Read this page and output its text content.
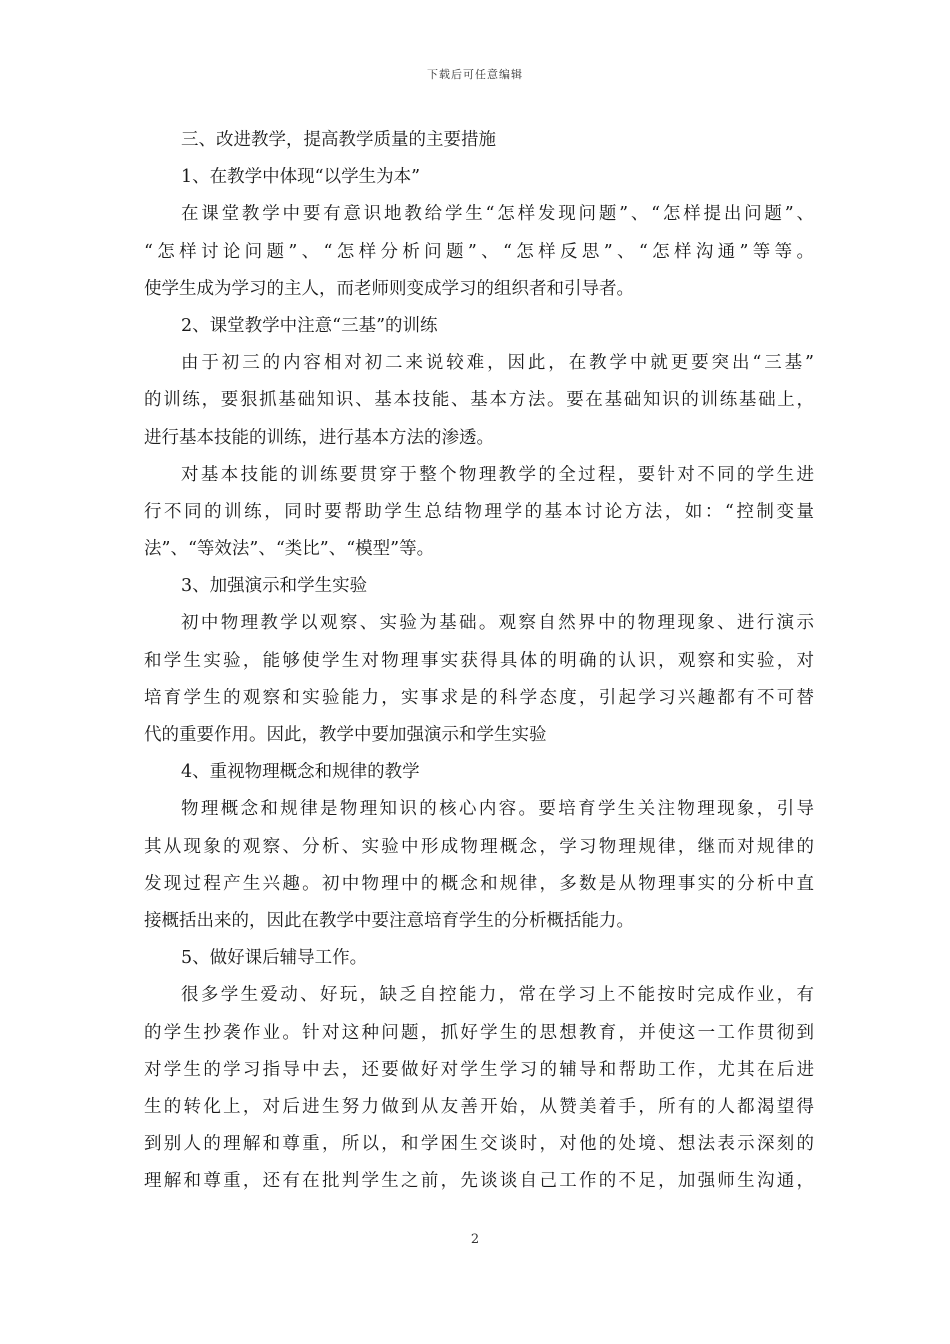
下载后可任意编辑
三、改进教学，提高教学质量的主要措施
1、在教学中体现“以学生为本”
在课堂教学中要有意识地教给学生“怎样发现问题”、“怎样提出问题”、
“怎样讨论问题”、“怎样分析问题”、“怎样反思”、“怎样沟通”等等。
使学生成为学习的主人，而老师则变成学习的组织者和引导者。
2、课堂教学中注意“三基”的训练
由于初三的内容相对初二来说较难，因此，在教学中就更要突出“三基”
的训练，要狠抓基础知识、基本技能、基本方法。要在基础知识的训练基础上，
进行基本技能的训练，进行基本方法的渗透。
对基本技能的训练要贯穿于整个物理教学的全过程，要针对不同的学生进
行不同的训练，同时要帮助学生总结物理学的基本讨论方法，如：“控制变量
法”、“等效法”、“类比”、“模型”等。
3、加强演示和学生实验
初中物理教学以观察、实验为基础。观察自然界中的物理现象、进行演示
和学生实验，能够使学生对物理事实获得具体的明确的认识，观察和实验，对
培育学生的观察和实验能力，实事求是的科学态度，引起学习兴趣都有不可替
代的重要作用。因此，教学中要加强演示和学生实验
4、重视物理概念和规律的教学
物理概念和规律是物理知识的核心内容。要培育学生关注物理现象，引导
其从现象的观察、分析、实验中形成物理概念，学习物理规律，继而对规律的
发现过程产生兴趣。初中物理中的概念和规律，多数是从物理事实的分析中直
接概括出来的，因此在教学中要注意培育学生的分析概括能力。
5、做好课后辅导工作。
很多学生爱动、好玩，缺乏自控能力，常在学习上不能按时完成作业，有
的学生抄袭作业。针对这种问题，抓好学生的思想教育，并使这一工作贯彻到
对学生的学习指导中去，还要做好对学生学习的辅导和帮助工作，尤其在后进
生的转化上，对后进生努力做到从友善开始，从赞美着手，所有的人都渴望得
到别人的理解和尊重，所以，和学困生交谈时，对他的处境、想法表示深刻的
理解和尊重，还有在批判学生之前，先谈谈自己工作的不足，加强师生沟通，
2
